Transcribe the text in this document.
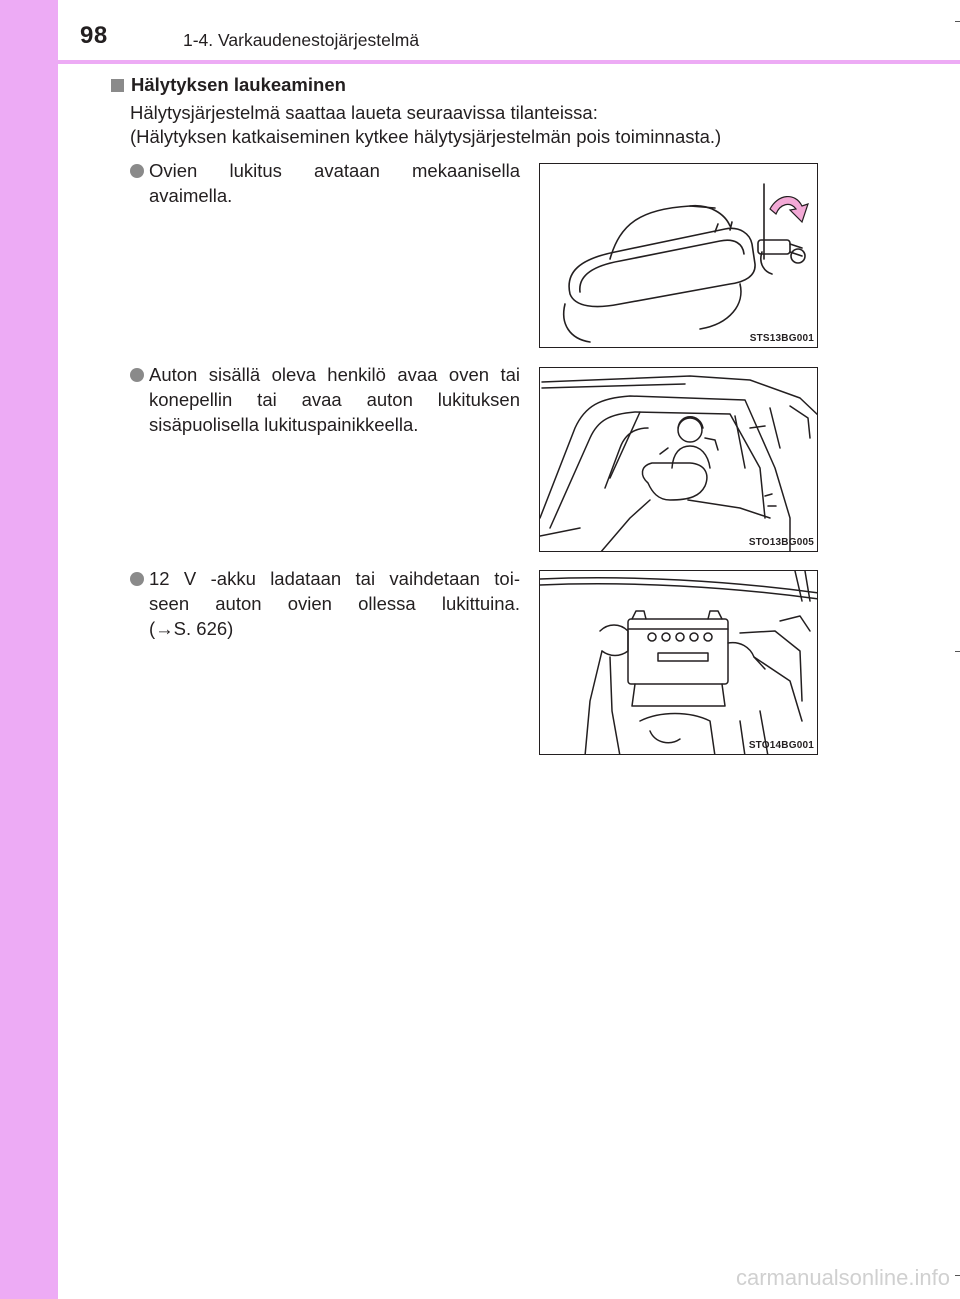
98	1-4. Varkaudenestojärjestelmä
Hälytyksen laukeaminen
Hälytysjärjestelmä saattaa laueta seuraavissa tilanteissa:
(Hälytyksen katkaiseminen kytkee hälytysjärjestelmän pois toiminnasta.)
Ovien lukitus avataan mekaanisella
avaimella.
Auton sisällä oleva henkilö avaa oven tai
konepellin tai avaa auton lukituksen
sisäpuolisella lukituspainikkeella.
12 V -akku ladataan tai vaihdetaan toi-
seen auton ovien ollessa lukittuina.
(→S. 626)
STS13BG001
STO13BG005
STO14BG001
carmanualsonline.info
